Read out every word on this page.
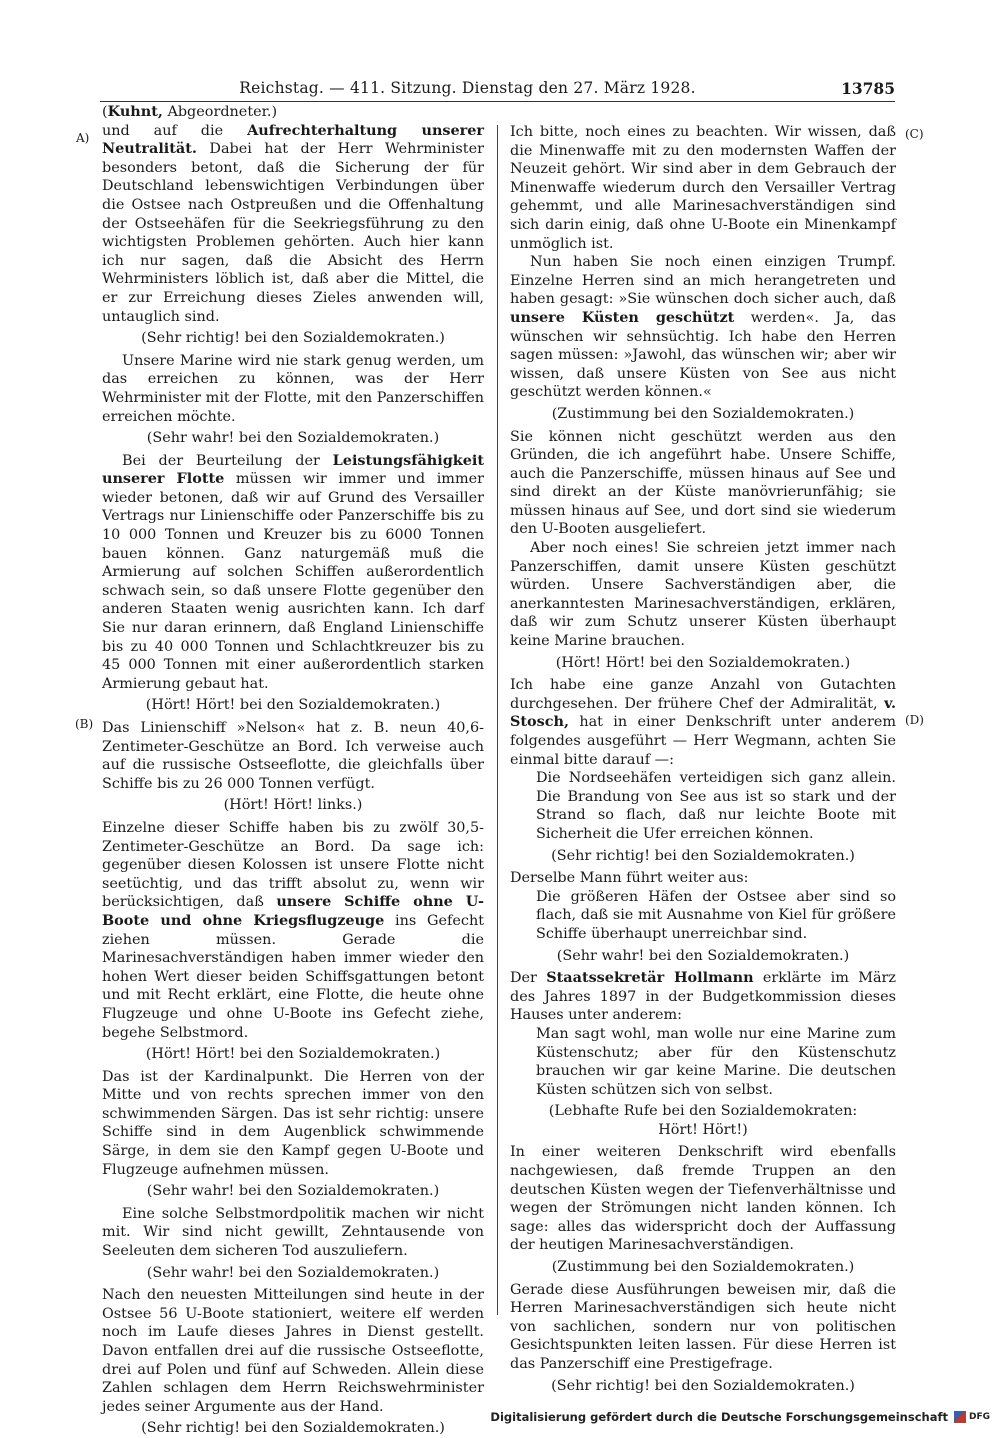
Reichstag. — 411. Sitzung. Dienstag den 27. März 1928.	13785
A)
(B)
(C)
(D)

(Kuhnt, Abgeordneter.)

und auf die Aufrechterhaltung unserer Neutralität. Dabei hat der Herr Wehrminister besonders betont, daß die Sicherung der für Deutschland lebenswichtigen Verbindungen über die Ostsee nach Ostpreußen und die Offenhaltung der Ostseehäfen für die Seekriegsführung zu den wichtigsten Problemen gehörten. Auch hier kann ich nur sagen, daß die Absicht des Herrn Wehrministers löblich ist, daß aber die Mittel, die er zur Erreichung dieses Zieles anwenden will, untauglich sind.

(Sehr richtig! bei den Sozialdemokraten.)

Unsere Marine wird nie stark genug werden, um das erreichen zu können, was der Herr Wehrminister mit der Flotte, mit den Panzerschiffen erreichen möchte.

(Sehr wahr! bei den Sozialdemokraten.)

Bei der Beurteilung der Leistungsfähigkeit unserer Flotte müssen wir immer und immer wieder betonen, daß wir auf Grund des Versailler Vertrags nur Linienschiffe oder Panzerschiffe bis zu 10 000 Tonnen und Kreuzer bis zu 6000 Tonnen bauen können. Ganz naturgemäß muß die Armierung auf solchen Schiffen außerordentlich schwach sein, so daß unsere Flotte gegenüber den anderen Staaten wenig ausrichten kann. Ich darf Sie nur daran erinnern, daß England Linienschiffe bis zu 40 000 Tonnen und Schlachtkreuzer bis zu 45 000 Tonnen mit einer außerordentlich starken Armierung gebaut hat.

(Hört! Hört! bei den Sozialdemokraten.)

Das Linienschiff »Nelson« hat z. B. neun 40,6-Zentimeter-Geschütze an Bord. Ich verweise auch auf die russische Ostseeflotte, die gleichfalls über Schiffe bis zu 26 000 Tonnen verfügt.

(Hört! Hört! links.)

Einzelne dieser Schiffe haben bis zu zwölf 30,5-Zentimeter-Geschütze an Bord. Da sage ich: gegenüber diesen Kolossen ist unsere Flotte nicht seetüchtig, und das trifft absolut zu, wenn wir berücksichtigen, daß unsere Schiffe ohne U-Boote und ohne Kriegsflugzeuge ins Gefecht ziehen müssen. Gerade die Marinesachverständigen haben immer wieder den hohen Wert dieser beiden Schiffsgattungen betont und mit Recht erklärt, eine Flotte, die heute ohne Flugzeuge und ohne U-Boote ins Gefecht ziehe, begehe Selbstmord.

(Hört! Hört! bei den Sozialdemokraten.)

Das ist der Kardinalpunkt. Die Herren von der Mitte und von rechts sprechen immer von den schwimmenden Särgen. Das ist sehr richtig: unsere Schiffe sind in dem Augenblick schwimmende Särge, in dem sie den Kampf gegen U-Boote und Flugzeuge aufnehmen müssen.

(Sehr wahr! bei den Sozialdemokraten.)

Eine solche Selbstmordpolitik machen wir nicht mit. Wir sind nicht gewillt, Zehntausende von Seeleuten dem sicheren Tod auszuliefern.

(Sehr wahr! bei den Sozialdemokraten.)

Nach den neuesten Mitteilungen sind heute in der Ostsee 56 U-Boote stationiert, weitere elf werden noch im Laufe dieses Jahres in Dienst gestellt. Davon entfallen drei auf die russische Ostseeflotte, drei auf Polen und fünf auf Schweden. Allein diese Zahlen schlagen dem Herrn Reichswehrminister jedes seiner Argumente aus der Hand.

(Sehr richtig! bei den Sozialdemokraten.)

Ich bitte, noch eines zu beachten. Wir wissen, daß die Minenwaffe mit zu den modernsten Waffen der Neuzeit gehört. Wir sind aber in dem Gebrauch der Minenwaffe wiederum durch den Versailler Vertrag gehemmt, und alle Marinesachverständigen sind sich darin einig, daß ohne U-Boote ein Minenkampf unmöglich ist.

Nun haben Sie noch einen einzigen Trumpf. Einzelne Herren sind an mich herangetreten und haben gesagt: »Sie wünschen doch sicher auch, daß unsere Küsten geschützt werden«. Ja, das wünschen wir sehnsüchtig. Ich habe den Herren sagen müssen: »Jawohl, das wünschen wir; aber wir wissen, daß unsere Küsten von See aus nicht geschützt werden können.«

(Zustimmung bei den Sozialdemokraten.)

Sie können nicht geschützt werden aus den Gründen, die ich angeführt habe. Unsere Schiffe, auch die Panzerschiffe, müssen hinaus auf See und sind direkt an der Küste manövrierunfähig; sie müssen hinaus auf See, und dort sind sie wiederum den U-Booten ausgeliefert.

Aber noch eines! Sie schreien jetzt immer nach Panzerschiffen, damit unsere Küsten geschützt würden. Unsere Sachverständigen aber, die anerkanntesten Marinesachverständigen, erklären, daß wir zum Schutz unserer Küsten überhaupt keine Marine brauchen.

(Hört! Hört! bei den Sozialdemokraten.)

Ich habe eine ganze Anzahl von Gutachten durchgesehen. Der frühere Chef der Admiralität, v. Stosch, hat in einer Denkschrift unter anderem folgendes ausgeführt — Herr Wegmann, achten Sie einmal bitte darauf —:

Die Nordseehäfen verteidigen sich ganz allein. Die Brandung von See aus ist so stark und der Strand so flach, daß nur leichte Boote mit Sicherheit die Ufer erreichen können.

(Sehr richtig! bei den Sozialdemokraten.)

Derselbe Mann führt weiter aus:

Die größeren Häfen der Ostsee aber sind so flach, daß sie mit Ausnahme von Kiel für größere Schiffe überhaupt unerreichbar sind.

(Sehr wahr! bei den Sozialdemokraten.)

Der Staatssekretär Hollmann erklärte im März des Jahres 1897 in der Budgetkommission dieses Hauses unter anderem:

Man sagt wohl, man wolle nur eine Marine zum Küstenschutz; aber für den Küstenschutz brauchen wir gar keine Marine. Die deutschen Küsten schützen sich von selbst.

(Lebhafte Rufe bei den Sozialdemokraten:

Hört! Hört!)

In einer weiteren Denkschrift wird ebenfalls nachgewiesen, daß fremde Truppen an den deutschen Küsten wegen der Tiefenverhältnisse und wegen der Strömungen nicht landen können. Ich sage: alles das widerspricht doch der Auffassung der heutigen Marinesachverständigen.

(Zustimmung bei den Sozialdemokraten.)

Gerade diese Ausführungen beweisen mir, daß die Herren Marinesachverständigen sich heute nicht von sachlichen, sondern nur von politischen Gesichtspunkten leiten lassen. Für diese Herren ist das Panzerschiff eine Prestigefrage.

(Sehr richtig! bei den Sozialdemokraten.)

Digitalisierung gefördert durch die Deutsche Forschungsgemeinschaft DFG
